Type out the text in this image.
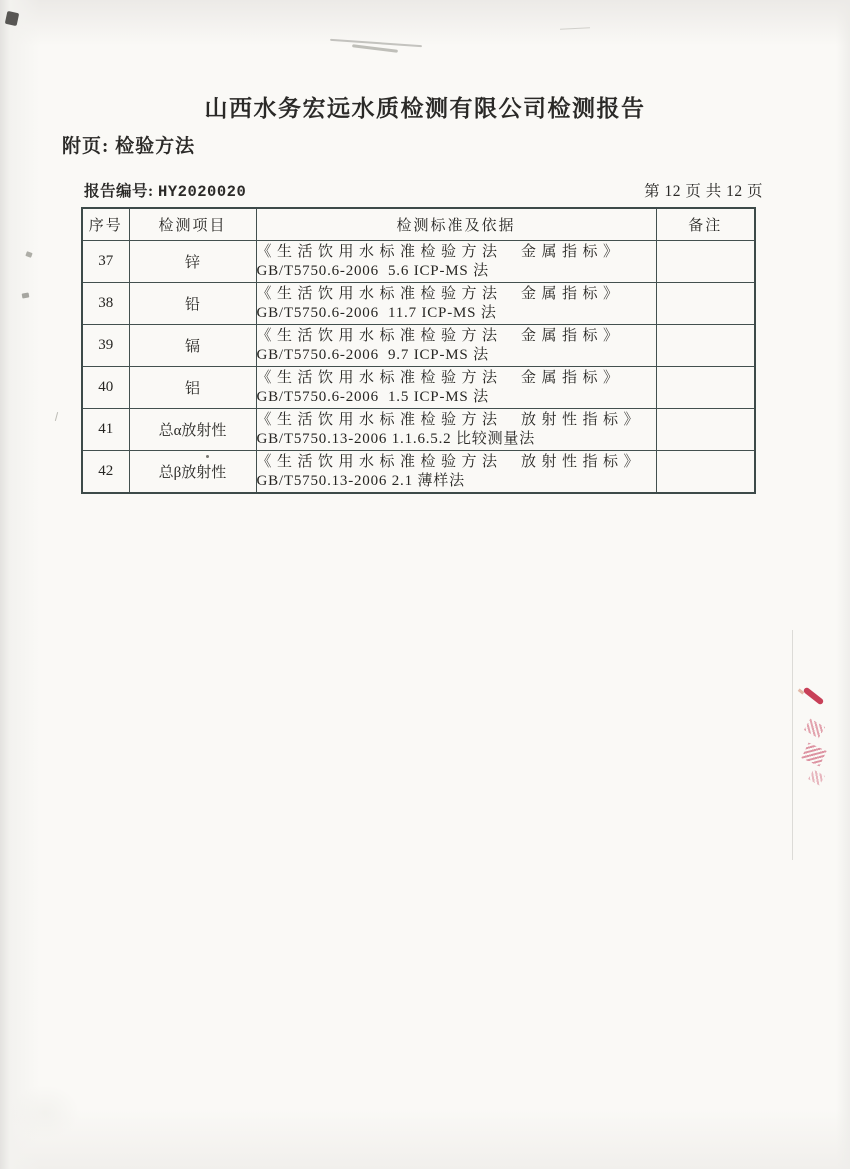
山西水务宏远水质检测有限公司检测报告
附页: 检验方法
报告编号: HY2020020	第 12 页 共 12 页
序号	检测项目	检测标准及依据	备注
37	锌	《生活饮用水标准检验方法  金属指标》
GB/T5750.6-2006  5.6 ICP-MS 法	

38	铅	《生活饮用水标准检验方法  金属指标》
GB/T5750.6-2006  11.7 ICP-MS 法	

39	镉	《生活饮用水标准检验方法  金属指标》
GB/T5750.6-2006  9.7 ICP-MS 法	

40	铝	《生活饮用水标准检验方法  金属指标》
GB/T5750.6-2006  1.5 ICP-MS 法	

41	总α放射性	《生活饮用水标准检验方法  放射性指标》
GB/T5750.13-2006 1.1.6.5.2 比较测量法	

42	总β放射性	《生活饮用水标准检验方法  放射性指标》
GB/T5750.13-2006 2.1 薄样法	
